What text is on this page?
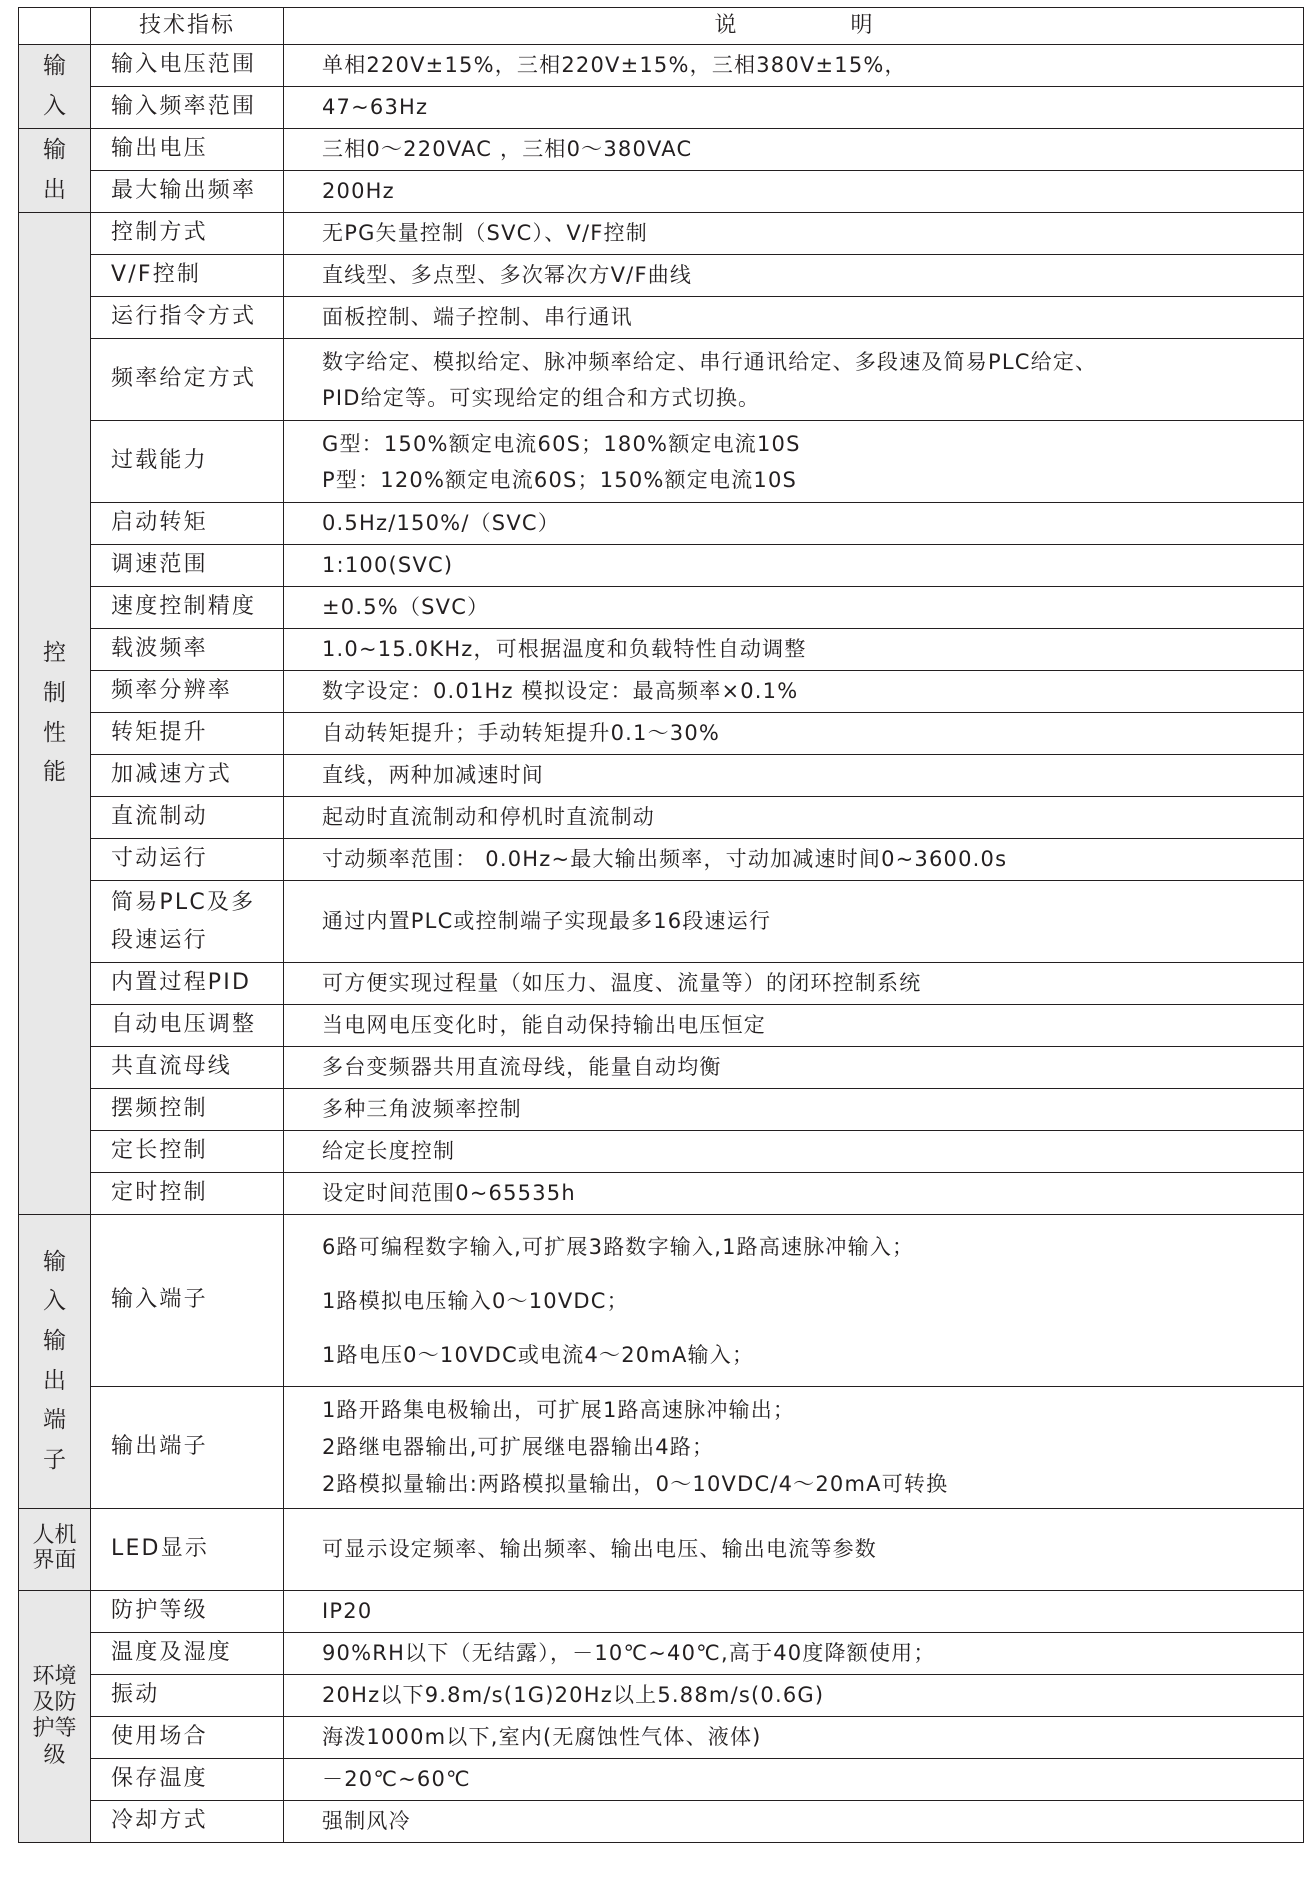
	技术指标	说　明
输入	输入电压范围	单相220V±15%，三相220V±15%，三相380V±15%，

	输入频率范围	47~63Hz

输出	输出电压	三相0～220VAC ，三相0～380VAC

	最大输出频率	200Hz

控制性能	控制方式	无PG矢量控制（SVC）、V/F控制

	V/F控制	直线型、多点型、多次幂次方V/F曲线

	运行指令方式	面板控制、端子控制、串行通讯

	频率给定方式	数字给定、模拟给定、脉冲频率给定、串行通讯给定、多段速及简易PLC给定、
PID给定等。可实现给定的组合和方式切换。

	过载能力	G型：150%额定电流60S；180%额定电流10S
P型：120%额定电流60S；150%额定电流10S

	启动转矩	0.5Hz/150%/（SVC）

	调速范围	1:100(SVC)

	速度控制精度	±0.5%（SVC）

	载波频率	1.0~15.0KHz，可根据温度和负载特性自动调整

	频率分辨率	数字设定：0.01Hz 模拟设定：最高频率×0.1%

	转矩提升	自动转矩提升；手动转矩提升0.1～30%

	加减速方式	直线，两种加减速时间

	直流制动	起动时直流制动和停机时直流制动

	寸动运行	寸动频率范围： 0.0Hz~最大输出频率，寸动加减速时间0~3600.0s

	简易PLC及多段速运行	通过内置PLC或控制端子实现最多16段速运行

	内置过程PID	可方便实现过程量（如压力、温度、流量等）的闭环控制系统

	自动电压调整	当电网电压变化时，能自动保持输出电压恒定

	共直流母线	多台变频器共用直流母线，能量自动均衡

	摆频控制	多种三角波频率控制

	定长控制	给定长度控制

	定时控制	设定时间范围0~65535h

输入输出端子	输入端子	6路可编程数字输入,可扩展3路数字输入,1路高速脉冲输入；
1路模拟电压输入0～10VDC；
1路电压0～10VDC或电流4～20mA输入；

	输出端子	1路开路集电极输出，可扩展1路高速脉冲输出；
2路继电器输出,可扩展继电器输出4路；
2路模拟量输出:两路模拟量输出，0～10VDC/4～20mA可转换

人机界面	LED显示	可显示设定频率、输出频率、输出电压、输出电流等参数

环境及防护等级	防护等级	IP20

	温度及湿度	90%RH以下（无结露），－10℃~40℃,高于40度降额使用；

	振动	20Hz以下9.8m/s(1G)20Hz以上5.88m/s(0.6G)

	使用场合	海泼1000m以下,室内(无腐蚀性气体、液体)

	保存温度	－20℃~60℃

	冷却方式	强制风冷
